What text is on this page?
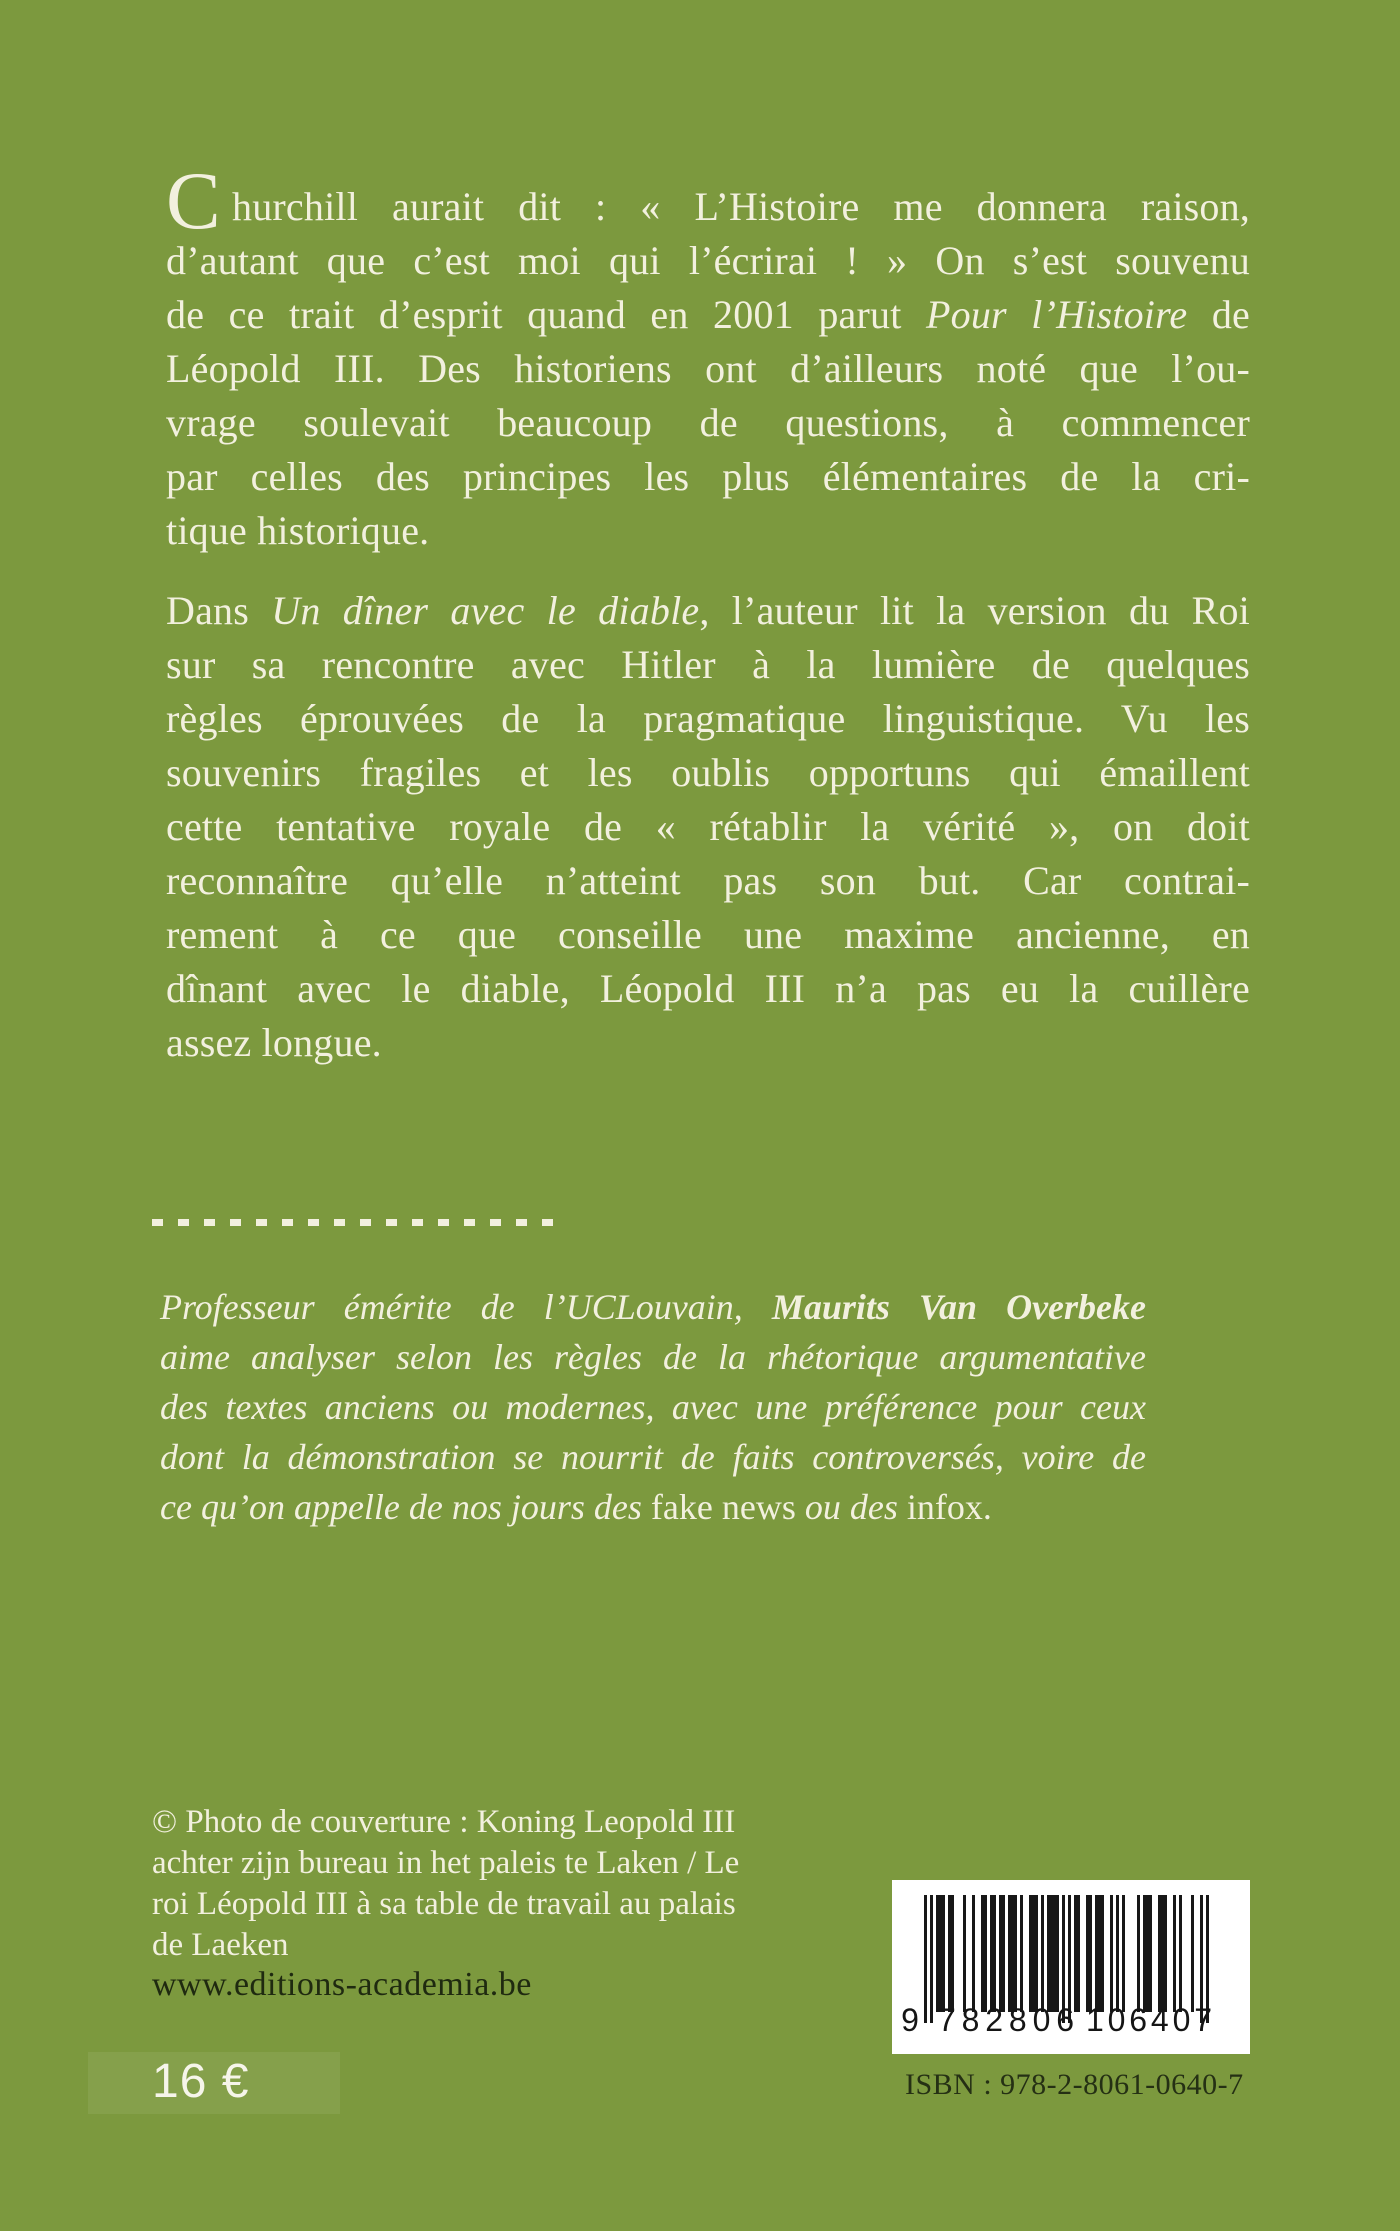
C hurchill aurait dit : « L’Histoire me donnera raison,
d’autant que c’est moi qui l’écrirai ! » On s’est souvenu
de ce trait d’esprit quand en 2001 parut Pour l’Histoire de
Léopold III. Des historiens ont d’ailleurs noté que l’ou-
vrage soulevait beaucoup de questions, à commencer
par celles des principes les plus élémentaires de la cri-
tique historique.
Dans Un dîner avec le diable, l’auteur lit la version du Roi
sur sa rencontre avec Hitler à la lumière de quelques
règles éprouvées de la pragmatique linguistique. Vu les
souvenirs fragiles et les oublis opportuns qui émaillent
cette tentative royale de « rétablir la vérité », on doit
reconnaître qu’elle n’atteint pas son but. Car contrai-
rement à ce que conseille une maxime ancienne, en
dînant avec le diable, Léopold III n’a pas eu la cuillère
assez longue.
Professeur émérite de l’UCLouvain, Maurits Van Overbeke
aime analyser selon les règles de la rhétorique argumentative
des textes anciens ou modernes, avec une préférence pour ceux
dont la démonstration se nourrit de faits controversés, voire de
ce qu’on appelle de nos jours des fake news ou des infox.
© Photo de couverture : Koning Leopold III
achter zijn bureau in het paleis te Laken / Le
roi Léopold III à sa table de travail au palais
de Laeken
www.editions-academia.be
16 €
9 7 8 2 8 0 6 1 0 6 4 0 7
ISBN : 978-2-8061-0640-7
